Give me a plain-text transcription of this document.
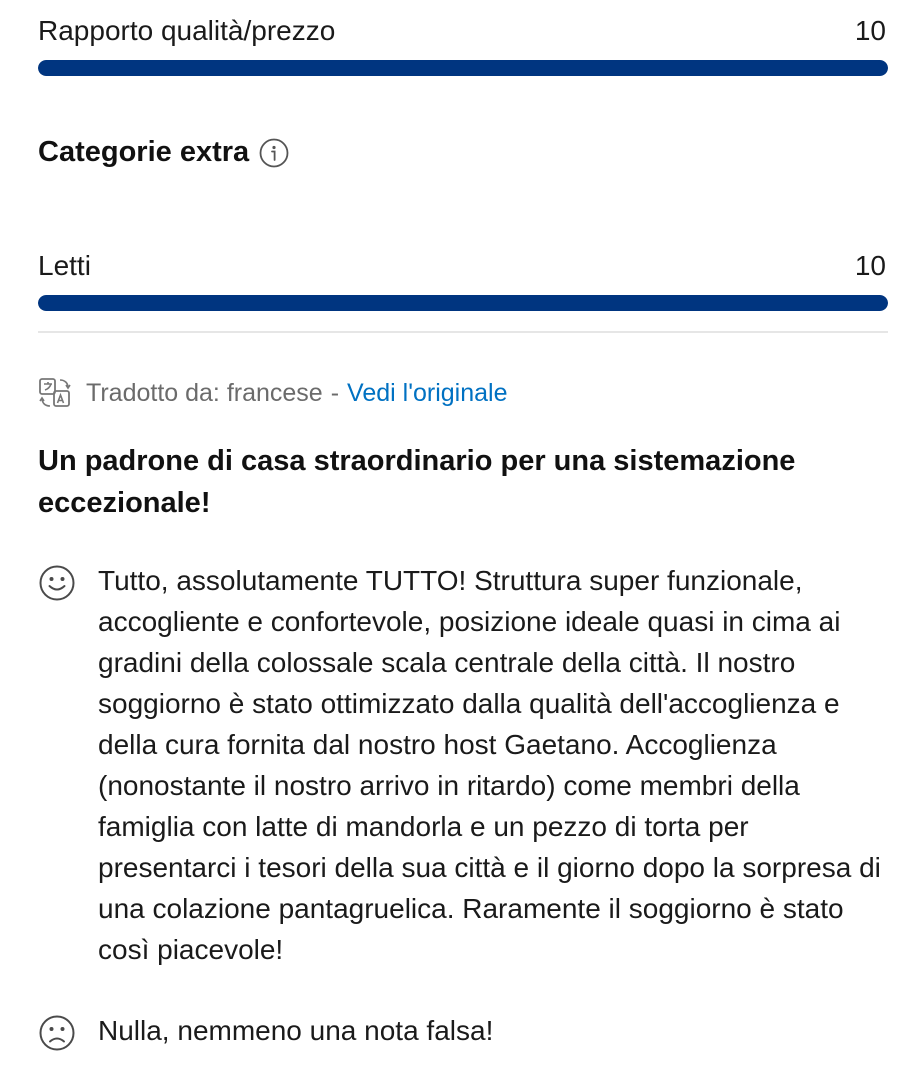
Rapporto qualità/prezzo	10
Categorie extra
Letti	10
Tradotto da: francese - Vedi l'originale
Un padrone di casa straordinario per una sistemazione eccezionale!
Tutto, assolutamente TUTTO! Struttura super funzionale, accogliente e confortevole, posizione ideale quasi in cima ai gradini della colossale scala centrale della città. Il nostro soggiorno è stato ottimizzato dalla qualità dell'accoglienza e della cura fornita dal nostro host Gaetano. Accoglienza (nonostante il nostro arrivo in ritardo) come membri della famiglia con latte di mandorla e un pezzo di torta per presentarci i tesori della sua città e il giorno dopo la sorpresa di una colazione pantagruelica. Raramente il soggiorno è stato così piacevole!
Nulla, nemmeno una nota falsa!
